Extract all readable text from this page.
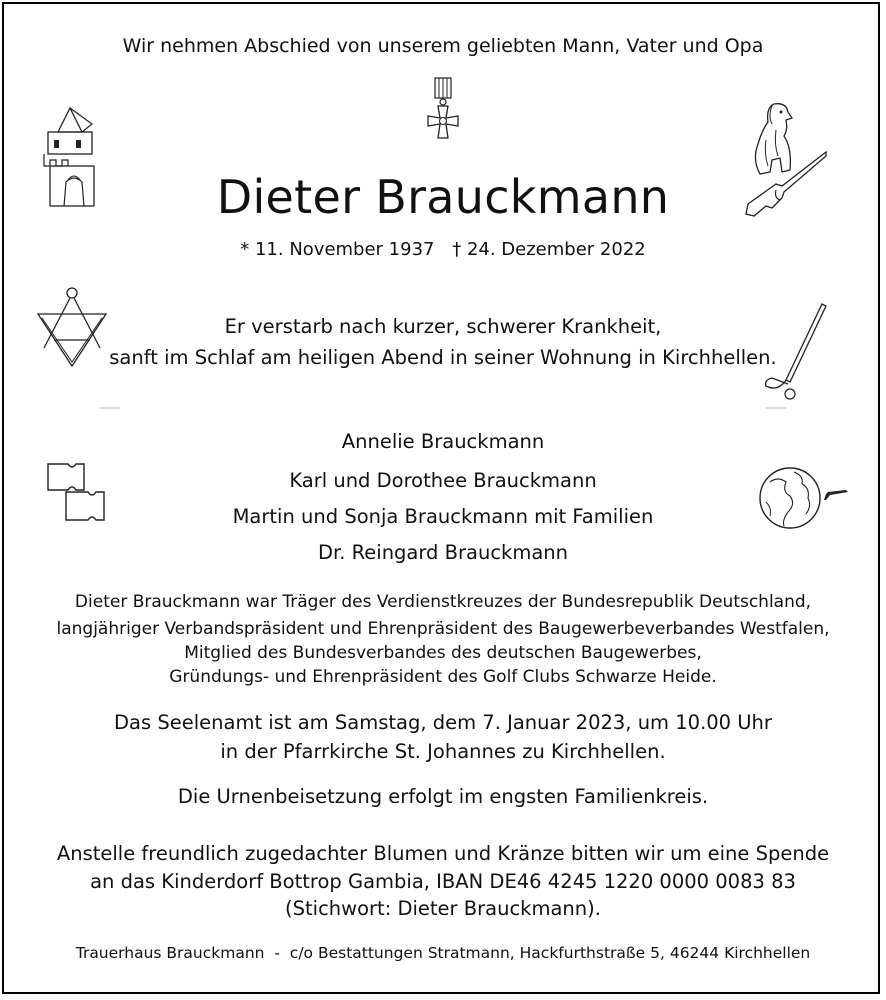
Wir nehmen Abschied von unserem geliebten Mann, Vater und Opa
Dieter Brauckmann
* 11. November 1937 † 24. Dezember 2022
Er verstarb nach kurzer, schwerer Krankheit,
sanft im Schlaf am heiligen Abend in seiner Wohnung in Kirchhellen.
Annelie Brauckmann
Karl und Dorothee Brauckmann
Martin und Sonja Brauckmann mit Familien
Dr. Reingard Brauckmann
Dieter Brauckmann war Träger des Verdienstkreuzes der Bundesrepublik Deutschland,
langjähriger Verbandspräsident und Ehrenpräsident des Baugewerbeverbandes Westfalen,
Mitglied des Bundesverbandes des deutschen Baugewerbes,
Gründungs- und Ehrenpräsident des Golf Clubs Schwarze Heide.
Das Seelenamt ist am Samstag, dem 7. Januar 2023, um 10.00 Uhr
in der Pfarrkirche St. Johannes zu Kirchhellen.
Die Urnenbeisetzung erfolgt im engsten Familienkreis.
Anstelle freundlich zugedachter Blumen und Kränze bitten wir um eine Spende
an das Kinderdorf Bottrop Gambia, IBAN DE46 4245 1220 0000 0083 83
(Stichwort: Dieter Brauckmann).
Trauerhaus Brauckmann  -  c/o Bestattungen Stratmann, Hackfurthstraße 5, 46244 Kirchhellen
